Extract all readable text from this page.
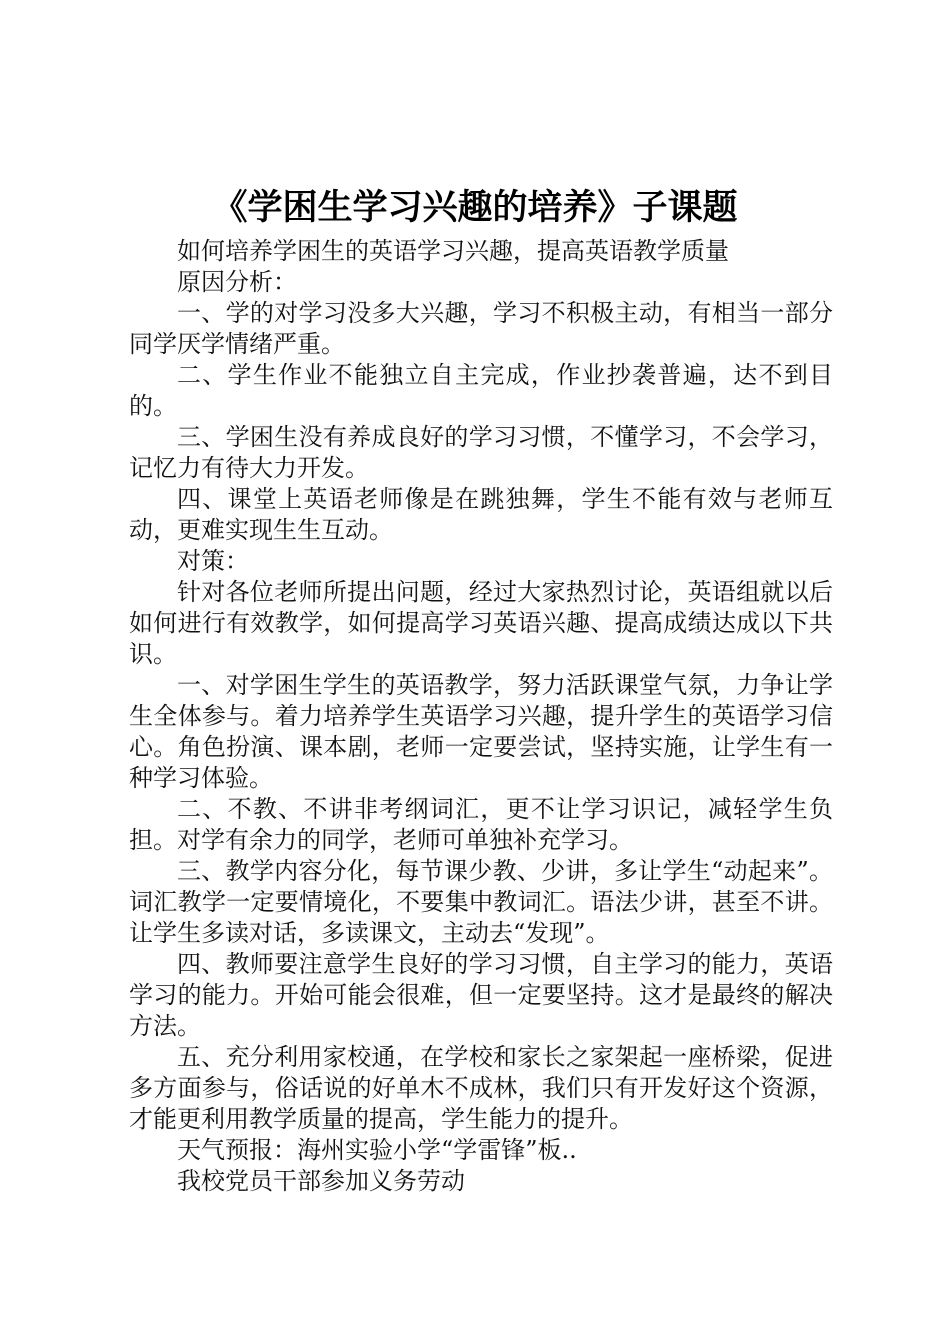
《学困生学习兴趣的培养》子课题

如何培养学困生的英语学习兴趣，提高英语教学质量

原因分析：

一、学的对学习没多大兴趣，学习不积极主动，有相当一部分同学厌学情绪严重。

二、学生作业不能独立自主完成，作业抄袭普遍，达不到目的。

三、学困生没有养成良好的学习习惯，不懂学习，不会学习，记忆力有待大力开发。

四、课堂上英语老师像是在跳独舞，学生不能有效与老师互动，更难实现生生互动。

对策：

针对各位老师所提出问题，经过大家热烈讨论，英语组就以后如何进行有效教学，如何提高学习英语兴趣、提高成绩达成以下共识。

一、对学困生学生的英语教学，努力活跃课堂气氛，力争让学生全体参与。着力培养学生英语学习兴趣，提升学生的英语学习信心。角色扮演、课本剧，老师一定要尝试，坚持实施，让学生有一种学习体验。

二、不教、不讲非考纲词汇，更不让学习识记，减轻学生负担。对学有余力的同学，老师可单独补充学习。

三、教学内容分化，每节课少教、少讲，多让学生“动起来”。词汇教学一定要情境化，不要集中教词汇。语法少讲，甚至不讲。让学生多读对话，多读课文，主动去“发现”。

四、教师要注意学生良好的学习习惯，自主学习的能力，英语学习的能力。开始可能会很难，但一定要坚持。这才是最终的解决方法。

五、充分利用家校通，在学校和家长之家架起一座桥梁，促进多方面参与，俗话说的好单木不成林，我们只有开发好这个资源，才能更利用教学质量的提高，学生能力的提升。

天气预报：海州实验小学“学雷锋”板..

我校党员干部参加义务劳动
